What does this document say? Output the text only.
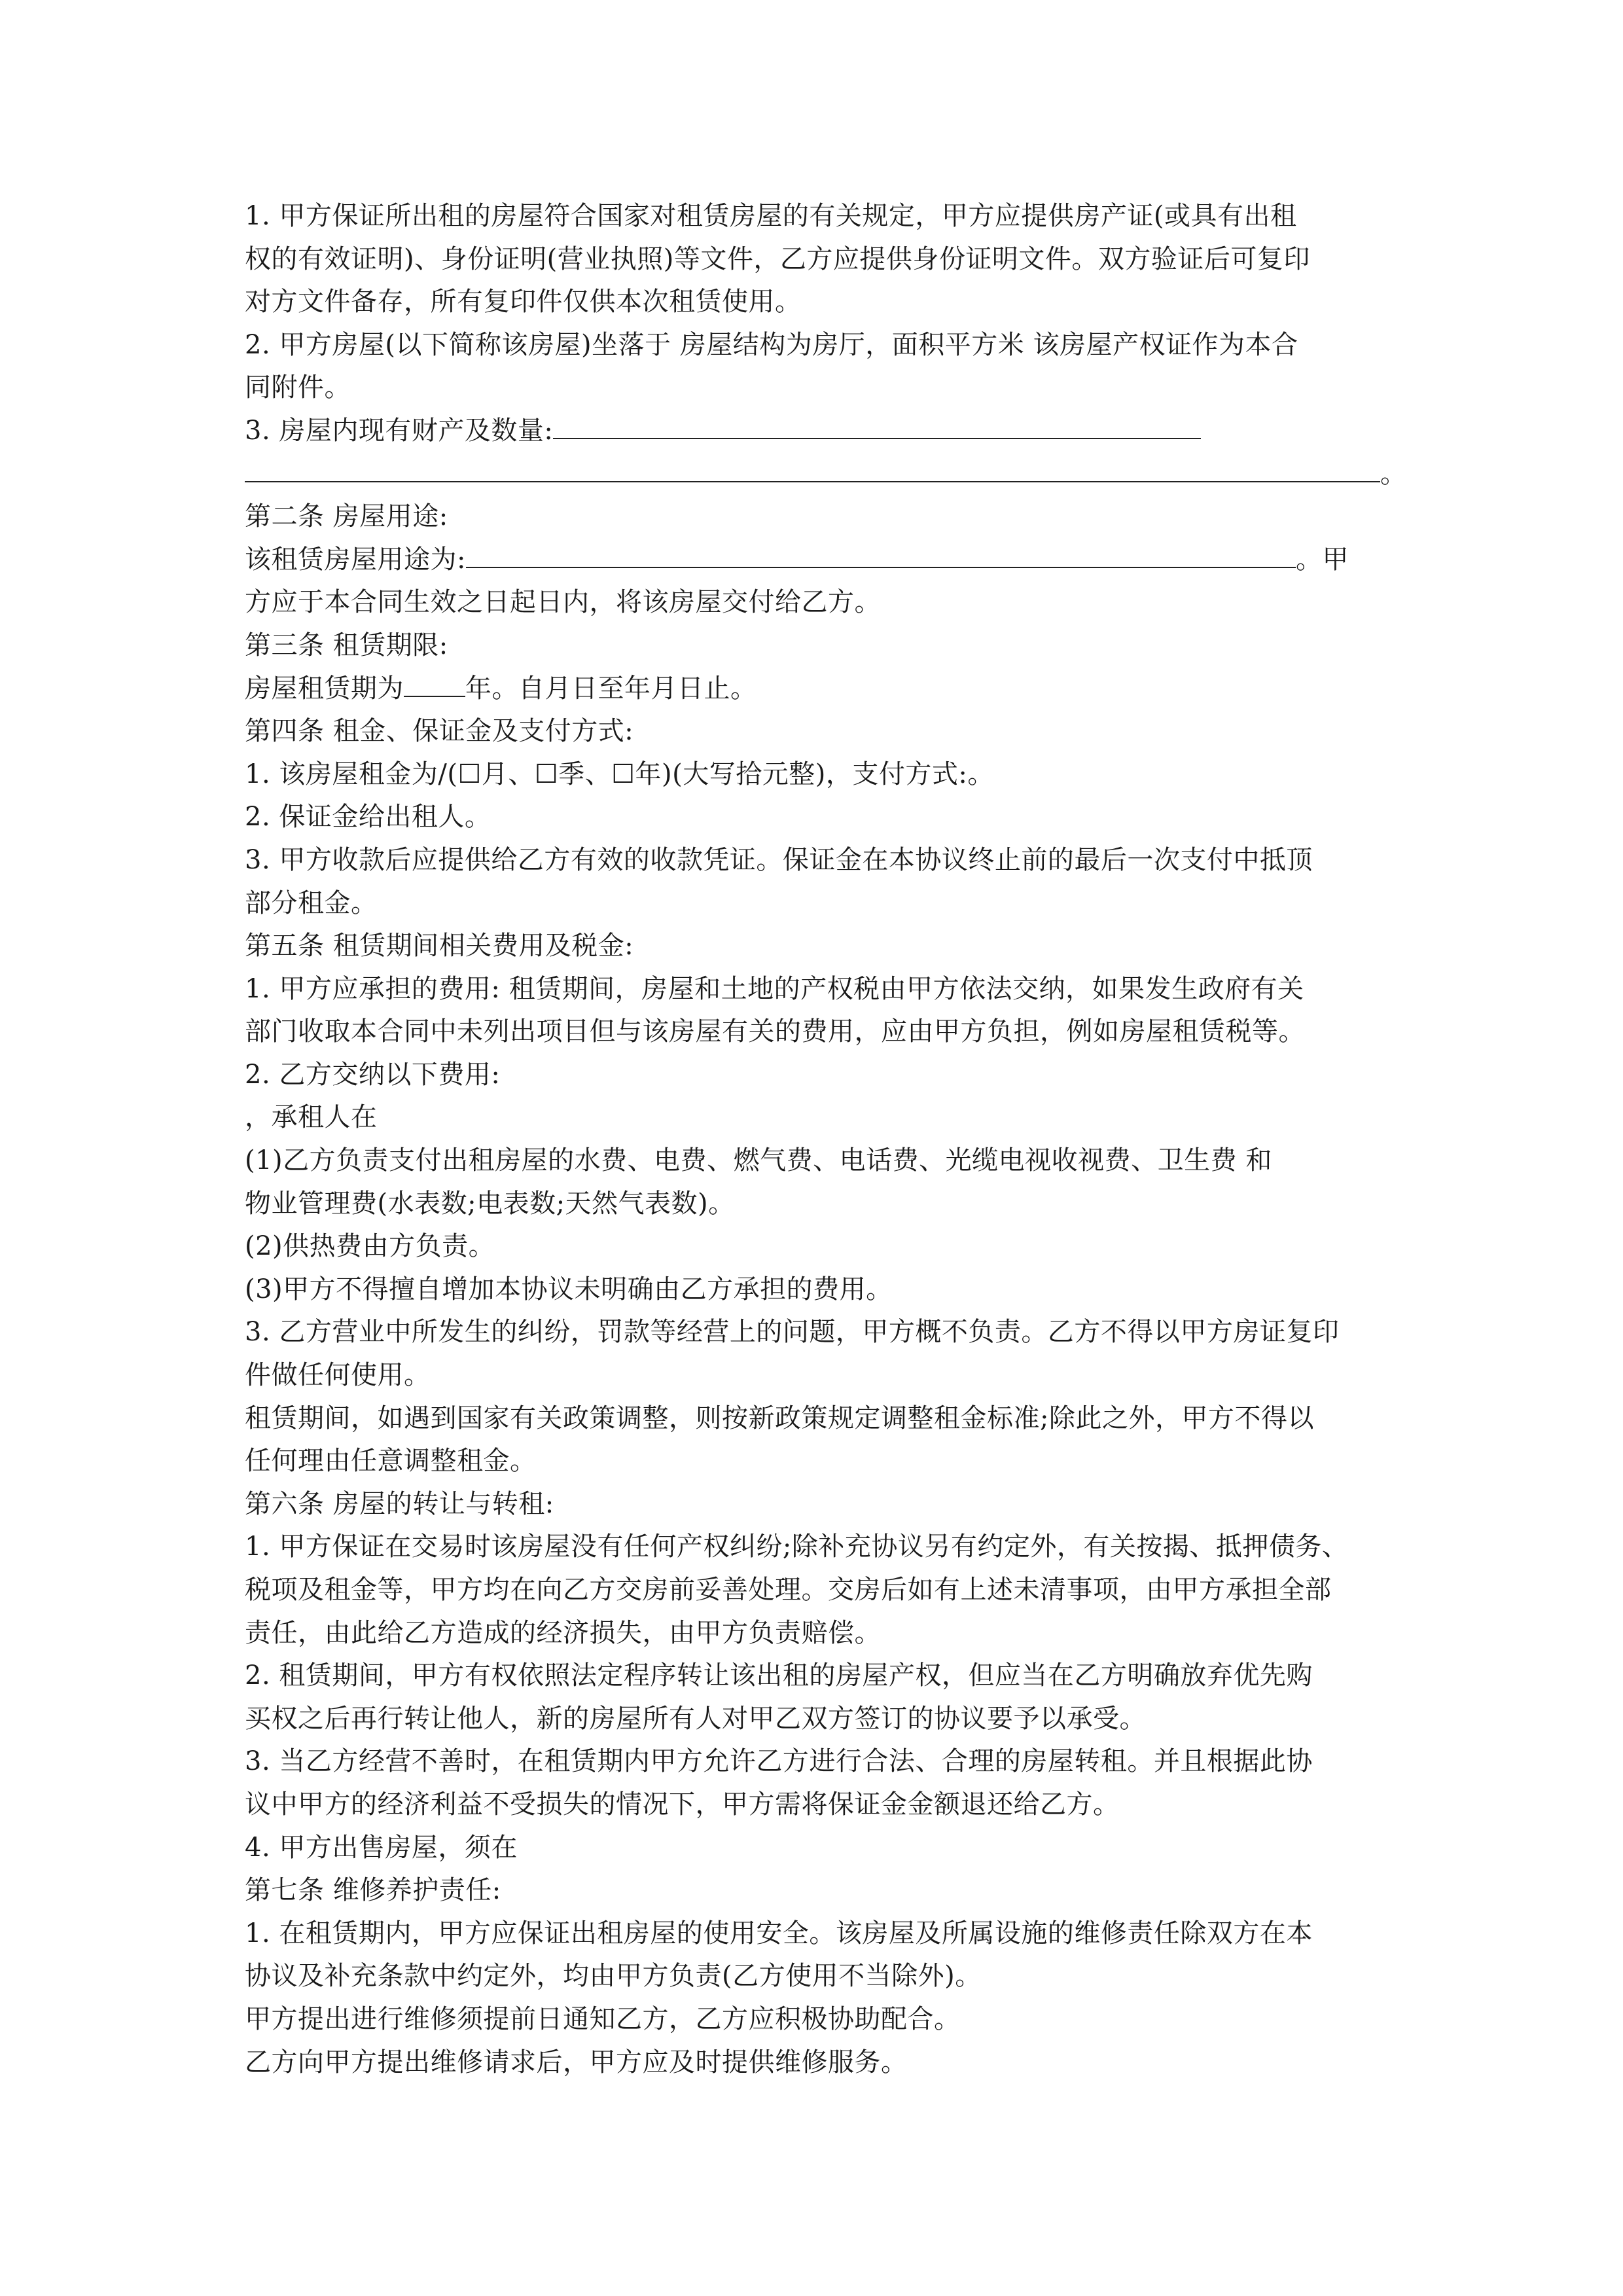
1. 甲方保证所出租的房屋符合国家对租赁房屋的有关规定，甲方应提供房产证(或具有出租
权的有效证明)、身份证明(营业执照)等文件，乙方应提供身份证明文件。双方验证后可复印
对方文件备存，所有复印件仅供本次租赁使用。
2. 甲方房屋(以下简称该房屋)坐落于 房屋结构为房厅，面积平方米 该房屋产权证作为本合
同附件。
3. 房屋内现有财产及数量:
。
第二条 房屋用途:
该租赁房屋用途为:	。甲
方应于本合同生效之日起日内，将该房屋交付给乙方。
第三条 租赁期限:
房屋租赁期为 年。自月日至年月日止。
第四条 租金、保证金及支付方式:
1. 该房屋租金为/(☐月、☐季、☐年)(大写拾元整)，支付方式:。
2. 保证金给出租人。
3. 甲方收款后应提供给乙方有效的收款凭证。保证金在本协议终止前的最后一次支付中抵顶
部分租金。
第五条 租赁期间相关费用及税金:
1. 甲方应承担的费用: 租赁期间，房屋和土地的产权税由甲方依法交纳，如果发生政府有关
部门收取本合同中未列出项目但与该房屋有关的费用，应由甲方负担，例如房屋租赁税等。
2. 乙方交纳以下费用:
，承租人在
(1)乙方负责支付出租房屋的水费、电费、燃气费、电话费、光缆电视收视费、卫生费 和
物业管理费(水表数;电表数;天然气表数)。
(2)供热费由方负责。
(3)甲方不得擅自增加本协议未明确由乙方承担的费用。
3. 乙方营业中所发生的纠纷，罚款等经营上的问题，甲方概不负责。乙方不得以甲方房证复印
件做任何使用。
租赁期间，如遇到国家有关政策调整，则按新政策规定调整租金标准;除此之外，甲方不得以
任何理由任意调整租金。
第六条 房屋的转让与转租:
1. 甲方保证在交易时该房屋没有任何产权纠纷;除补充协议另有约定外，有关按揭、抵押债务、
税项及租金等，甲方均在向乙方交房前妥善处理。交房后如有上述未清事项，由甲方承担全部
责任，由此给乙方造成的经济损失，由甲方负责赔偿。
2. 租赁期间，甲方有权依照法定程序转让该出租的房屋产权，但应当在乙方明确放弃优先购
买权之后再行转让他人，新的房屋所有人对甲乙双方签订的协议要予以承受。
3. 当乙方经营不善时，在租赁期内甲方允许乙方进行合法、合理的房屋转租。并且根据此协
议中甲方的经济利益不受损失的情况下，甲方需将保证金金额退还给乙方。
4. 甲方出售房屋，须在
第七条 维修养护责任:
1. 在租赁期内，甲方应保证出租房屋的使用安全。该房屋及所属设施的维修责任除双方在本
协议及补充条款中约定外，均由甲方负责(乙方使用不当除外)。
甲方提出进行维修须提前日通知乙方，乙方应积极协助配合。
乙方向甲方提出维修请求后，甲方应及时提供维修服务。
